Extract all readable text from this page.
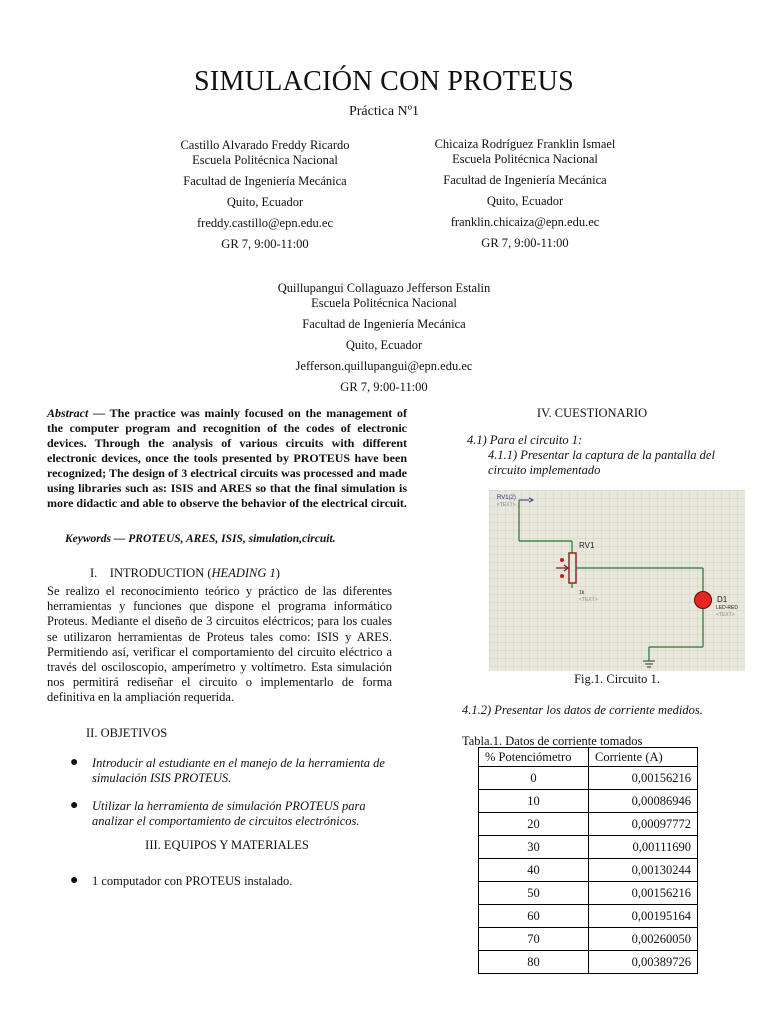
SIMULACIÓN CON PROTEUS
Práctica Nº1
Castillo Alvarado Freddy Ricardo
Escuela Politécnica Nacional
Facultad de Ingeniería Mecánica
Quito, Ecuador
freddy.castillo@epn.edu.ec
GR 7, 9:00-11:00
Chicaiza Rodríguez Franklin Ismael
Escuela Politécnica Nacional
Facultad de Ingeniería Mecánica
Quito, Ecuador
franklin.chicaiza@epn.edu.ec
GR 7, 9:00-11:00
Quillupangui Collaguazo Jefferson Estalin
Escuela Politécnica Nacional
Facultad de Ingeniería Mecánica
Quito, Ecuador
Jefferson.quillupangui@epn.edu.ec
GR 7, 9:00-11:00
Abstract — The practice was mainly focused on the management of the computer program and recognition of the codes of electronic devices. Through the analysis of various circuits with different electronic devices, once the tools presented by PROTEUS have been recognized; The design of 3 electrical circuits was processed and made using libraries such as: ISIS and ARES so that the final simulation is more didactic and able to observe the behavior of the electrical circuit.
Keywords — PROTEUS, ARES, ISIS, simulation,circuit.
I. INTRODUCTION (HEADING 1)
Se realizo el reconocimiento teórico y práctico de las diferentes herramientas y funciones que dispone el programa informático Proteus. Mediante el diseño de 3 circuitos eléctricos; para los cuales se utilizaron herramientas de Proteus tales como: ISIS y ARES. Permitiendo así, verificar el comportamiento del circuito eléctrico a través del osciloscopio, amperímetro y voltímetro. Esta simulación nos permitirá rediseñar el circuito o implementarlo de forma definitiva en la ampliación requerida.
II. OBJETIVOS
● Introducir al estudiante en el manejo de la herramienta de simulación ISIS PROTEUS.
● Utilizar la herramienta de simulación PROTEUS para analizar el comportamiento de circuitos electrónicos.
III. EQUIPOS Y MATERIALES
● 1 computador con PROTEUS instalado.
IV. CUESTIONARIO
4.1) Para el circuito 1:
4.1.1) Presentar la captura de la pantalla del circuito implementado
RV1(2)
<TEXT>
RV1
1k
<TEXT>	D1
LED-RED
<TEXT>
Fig.1. Circuito 1.
4.1.2) Presentar los datos de corriente medidos.
Tabla.1. Datos de corriente tomados
% Potenciómetro	Corriente (A)
0	0,00156216
10	0,00086946
20	0,00097772
30	0,00111690
40	0,00130244
50	0,00156216
60	0,00195164
70	0,00260050
80	0,00389726
